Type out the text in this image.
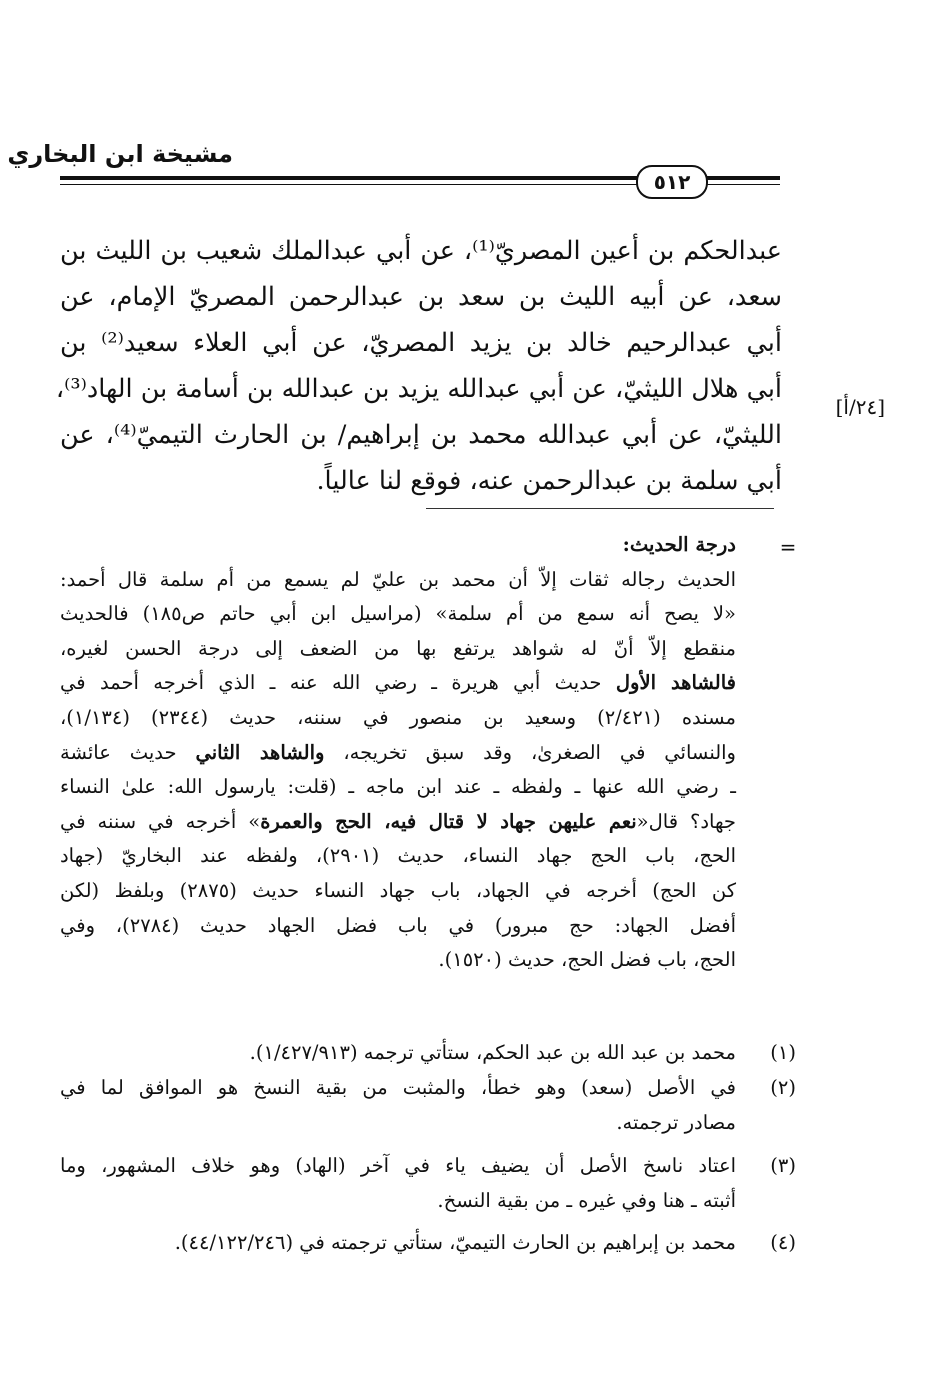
مشيخة ابن البخاري
٥١٢
[٢٤/أ]
عبدالحكم بن أعين المصريّ⁽¹⁾، عن أبي عبدالملك شعيب بن الليث بن
سعد، عن أبيه الليث بن سعد بن عبدالرحمن المصريّ الإمام، عن
أبي عبدالرحيم خالد بن يزيد المصريّ، عن أبي العلاء سعيد⁽²⁾ بن
أبي هلال الليثيّ، عن أبي عبدالله يزيد بن عبدالله بن أسامة بن الهاد⁽³⁾،
الليثيّ، عن أبي عبدالله محمد بن إبراهيم/ بن الحارث التيميّ⁽⁴⁾، عن
أبي سلمة بن عبدالرحمن عنه، فوقع لنا عالياً.
=
درجة الحديث:
الحديث رجاله ثقات إلاّ أن محمد بن عليّ لم يسمع من أم سلمة قال أحمد:
«لا يصح أنه سمع من أم سلمة» (مراسيل ابن أبي حاتم ص١٨٥) فالحديث
منقطع إلاّ أنّ له شواهد يرتفع بها من الضعف إلى درجة الحسن لغيره،
فالشاهد الأول حديث أبي هريرة ـ رضي الله عنه ـ الذي أخرجه أحمد في
مسنده (٢/٤٢١) وسعيد بن منصور في سننه، حديث (٢٣٤٤) (١/١٣٤)،
والنسائي في الصغرىٰ، وقد سبق تخريجه، والشاهد الثاني حديث عائشة
ـ رضي الله عنها ـ ولفظه ـ عند ابن ماجه ـ (قلت: يارسول الله: علىٰ النساء
جهاد؟ قال«نعم عليهن جهاد لا قتال فيه، الحج والعمرة» أخرجه في سننه في
الحج، باب الحج جهاد النساء، حديث (٢٩٠١)، ولفظه عند البخاريّ (جهاد
كن الحج) أخرجه في الجهاد، باب جهاد النساء حديث (٢٨٧٥) وبلفظ (لكن
أفضل الجهاد: حج مبرور) في باب فضل الجهاد حديث (٢٧٨٤)، وفي
الحج، باب فضل الحج، حديث (١٥٢٠).
(١)
محمد بن عبد الله بن عبد الحكم، ستأتي ترجمه (١/٤٢٧/٩١٣).
(٢)
في الأصل (سعد) وهو خطأ، والمثبت من بقية النسخ هو الموافق لما في
مصادر ترجمته.
(٣)
اعتاد ناسخ الأصل أن يضيف ياء في آخر (الهاد) وهو خلاف المشهور، وما
أثبته ـ هنا وفي غيره ـ من بقية النسخ.
(٤)
محمد بن إبراهيم بن الحارث التيميّ، ستأتي ترجمته في (٤٤/١٢٢/٢٤٦).
